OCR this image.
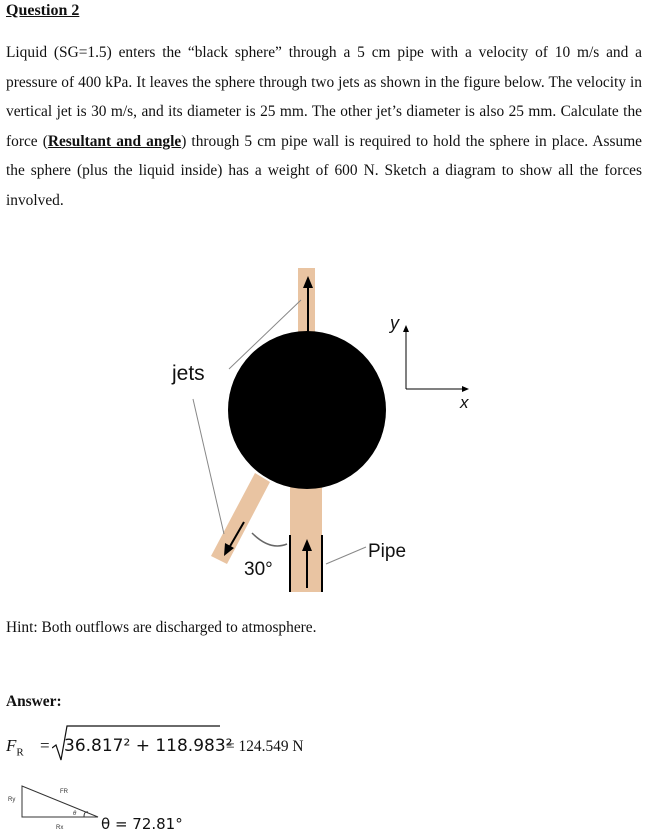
Question 2
Liquid (SG=1.5) enters the “black sphere” through a 5 cm pipe with a velocity of 10 m/s and a pressure of 400 kPa. It leaves the sphere through two jets as shown in the figure below. The velocity in vertical jet is 30 m/s, and its diameter is 25 mm. The other jet’s diameter is also 25 mm. Calculate the force (Resultant and angle) through 5 cm pipe wall is required to hold the sphere in place. Assume the sphere (plus the liquid inside) has a weight of 600 N. Sketch a diagram to show all the forces involved.
jets
Pipe
30°
y
x
Ry
FR
θ
Rx
Hint: Both outflows are discharged to atmosphere.
Answer:
$F_R = 36.817^2 + 118.983^2$
= 124.549 N
θ = 72.81°
